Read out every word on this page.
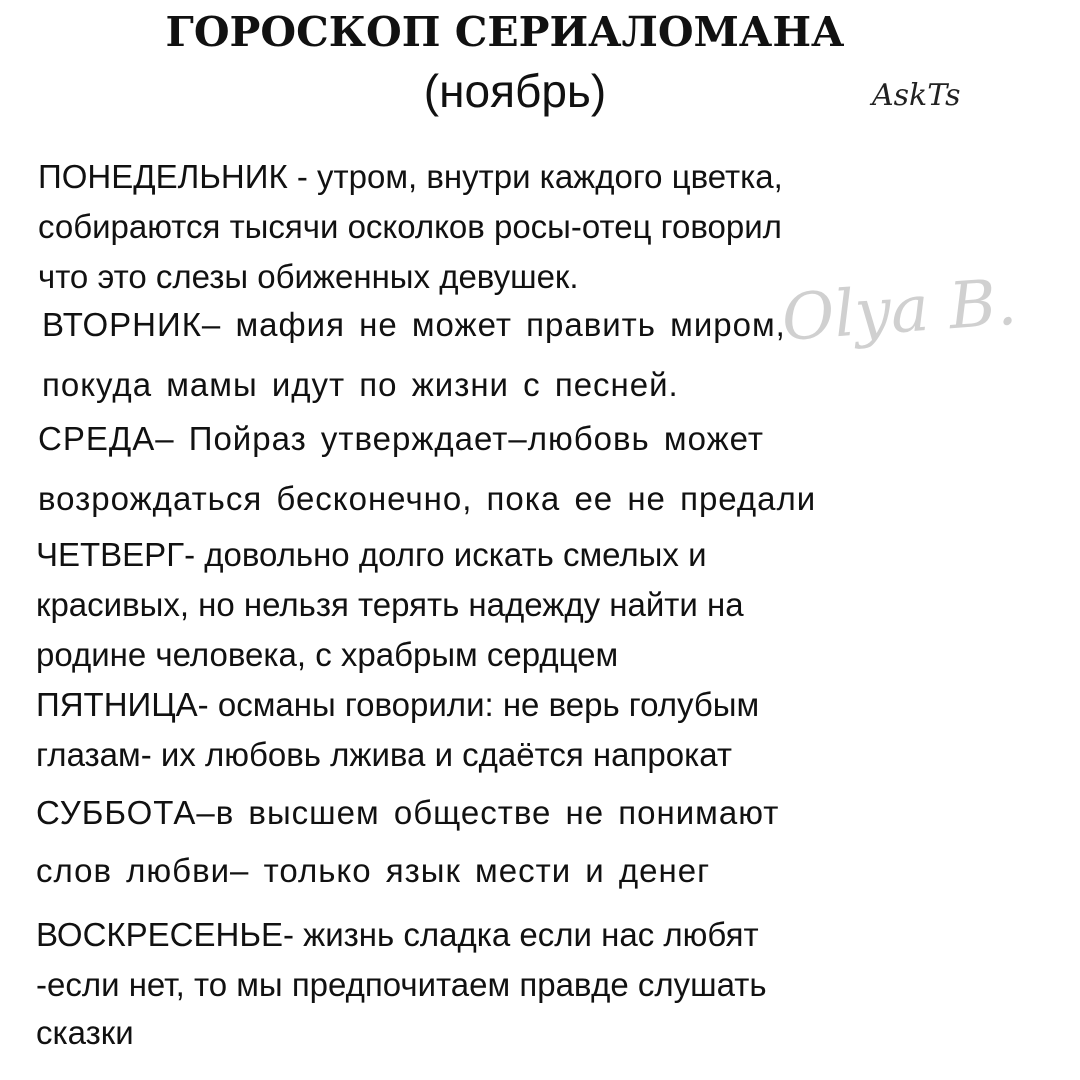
ГОРОСКОП СЕРИАЛОМАНА
(ноябрь)	AskTs
Olya B.
ПОНЕДЕЛЬНИК - утром, внутри каждого цветка,
собираются тысячи осколков росы-отец говорил
что это слезы обиженных девушек.
ВТОРНИК– мафия не может править миром,
покуда мамы идут по жизни с песней.
СРЕДА– Пойраз утверждает–любовь может
возрождаться бесконечно, пока ее не предали
ЧЕТВЕРГ- довольно долго искать смелых и
красивых, но нельзя терять надежду найти на
родине человека, с храбрым сердцем
ПЯТНИЦА- османы говорили: не верь голубым
глазам- их любовь лжива и сдаётся напрокат
СУББОТА–в высшем обществе не понимают
слов любви– только язык мести и денег
ВОСКРЕСЕНЬЕ- жизнь сладка если нас любят
-если нет, то мы предпочитаем правде слушать
сказки
